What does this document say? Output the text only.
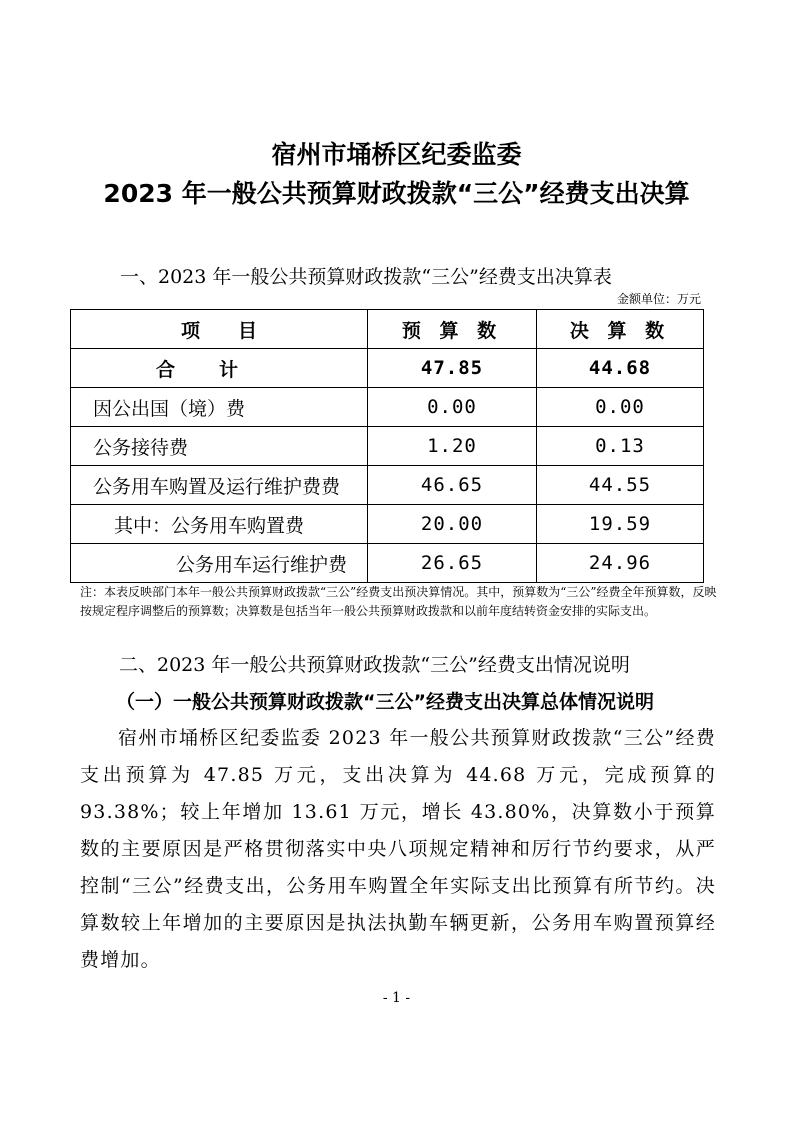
宿州市埇桥区纪委监委
2023 年一般公共预算财政拨款“三公”经费支出决算
一、2023 年一般公共预算财政拨款“三公”经费支出决算表
金额单位：万元
项　　目	预 算 数	决 算 数
合计	47.85	44.68
因公出国（境）费	0.00	0.00
公务接待费	1.20	0.13
公务用车购置及运行维护费费	46.65	44.55
其中：公务用车购置费	20.00	19.59
公务用车运行维护费	26.65	24.96
注：本表反映部门本年一般公共预算财政拨款“三公”经费支出预决算情况。其中，预算数为“三公”经费全年预算数，反映按规定程序调整后的预算数；决算数是包括当年一般公共预算财政拨款和以前年度结转资金安排的实际支出。
二、2023 年一般公共预算财政拨款“三公”经费支出情况说明
（一）一般公共预算财政拨款“三公”经费支出决算总体情况说明
宿州市埇桥区纪委监委 2023 年一般公共预算财政拨款“三公”经费支出预算为 47.85 万元，支出决算为 44.68 万元，完成预算的 93.38%；较上年增加 13.61 万元，增长 43.80%，决算数小于预算数的主要原因是严格贯彻落实中央八项规定精神和厉行节约要求，从严控制“三公”经费支出，公务用车购置全年实际支出比预算有所节约。决算数较上年增加的主要原因是执法执勤车辆更新，公务用车购置预算经费增加。
- 1 -
